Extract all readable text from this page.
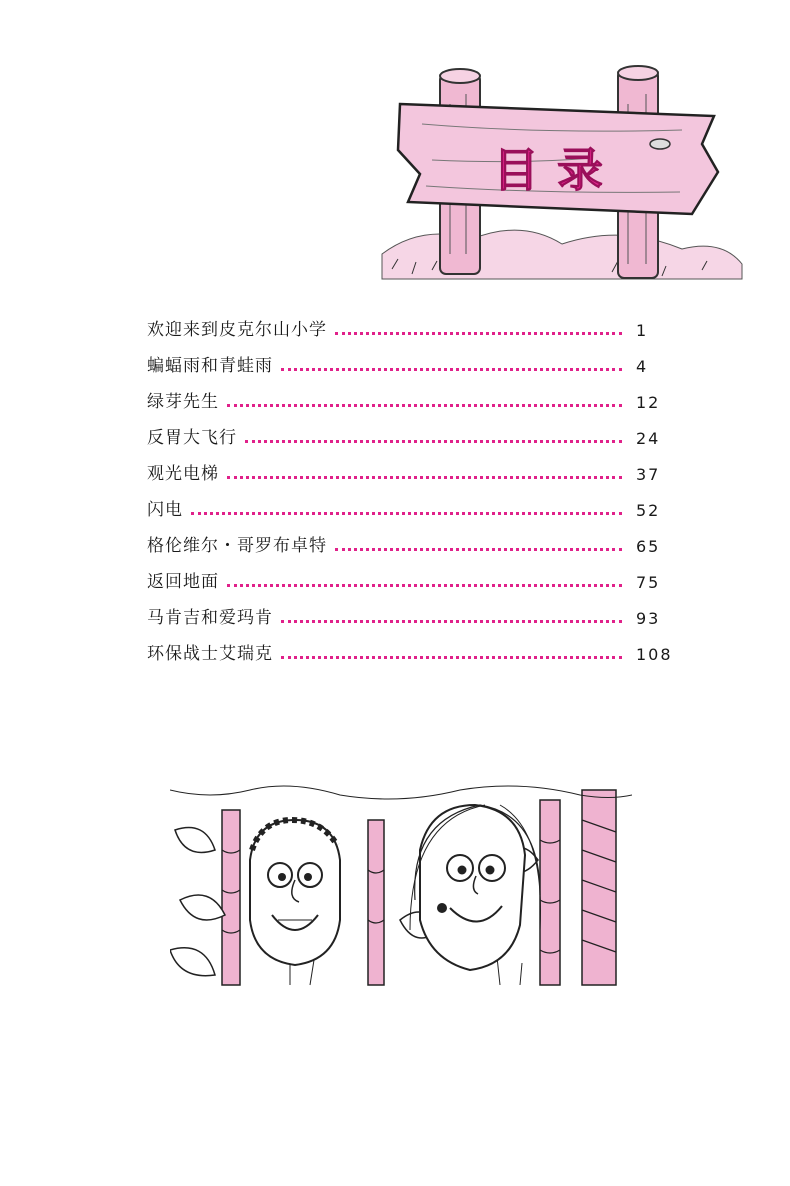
目录
欢迎来到皮克尔山小学	1
蝙蝠雨和青蛙雨	4
绿芽先生	12
反胃大飞行	24
观光电梯	37
闪电	52
格伦维尔・哥罗布卓特	65
返回地面	75
马肯吉和爱玛肯	93
环保战士艾瑞克	108
